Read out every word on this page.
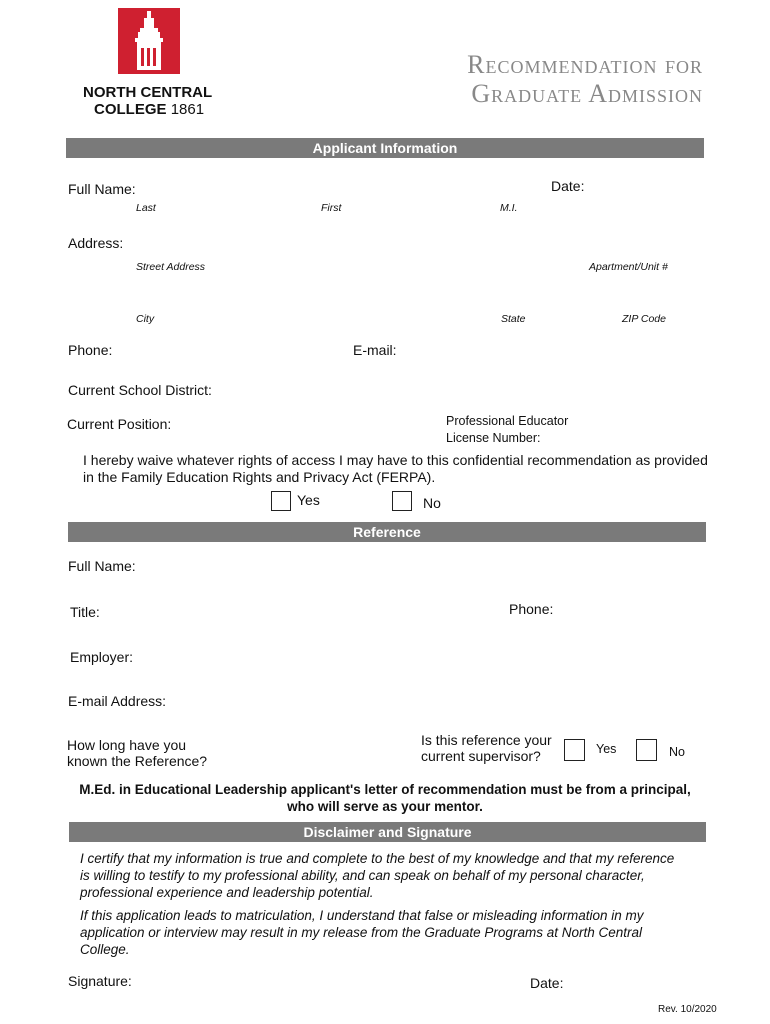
NORTH CENTRAL
COLLEGE 1861
Recommendation for
Graduate Admission
Applicant Information
Full Name:	Date:
Last	First	M.I.
Address:
Street Address	Apartment/Unit #
City	State	ZIP Code
Phone:	E-mail:
Current School District:
Current Position:	Professional Educator
License Number:
I hereby waive whatever rights of access I may have to this confidential recommendation as provided
in the Family Education Rights and Privacy Act (FERPA).
Yes	No
Reference
Full Name:
Title:	Phone:
Employer:
E-mail Address:
How long have you
known the Reference?
Is this reference your
current supervisor?	Yes	No
M.Ed. in Educational Leadership applicant's letter of recommendation must be from a principal,
who will serve as your mentor.
Disclaimer and Signature
I certify that my information is true and complete to the best of my knowledge and that my reference
is willing to testify to my professional ability, and can speak on behalf of my personal character,
professional experience and leadership potential.
If this application leads to matriculation, I understand that false or misleading information in my
application or interview may result in my release from the Graduate Programs at North Central
College.
Signature:	Date:
Rev. 10/2020
